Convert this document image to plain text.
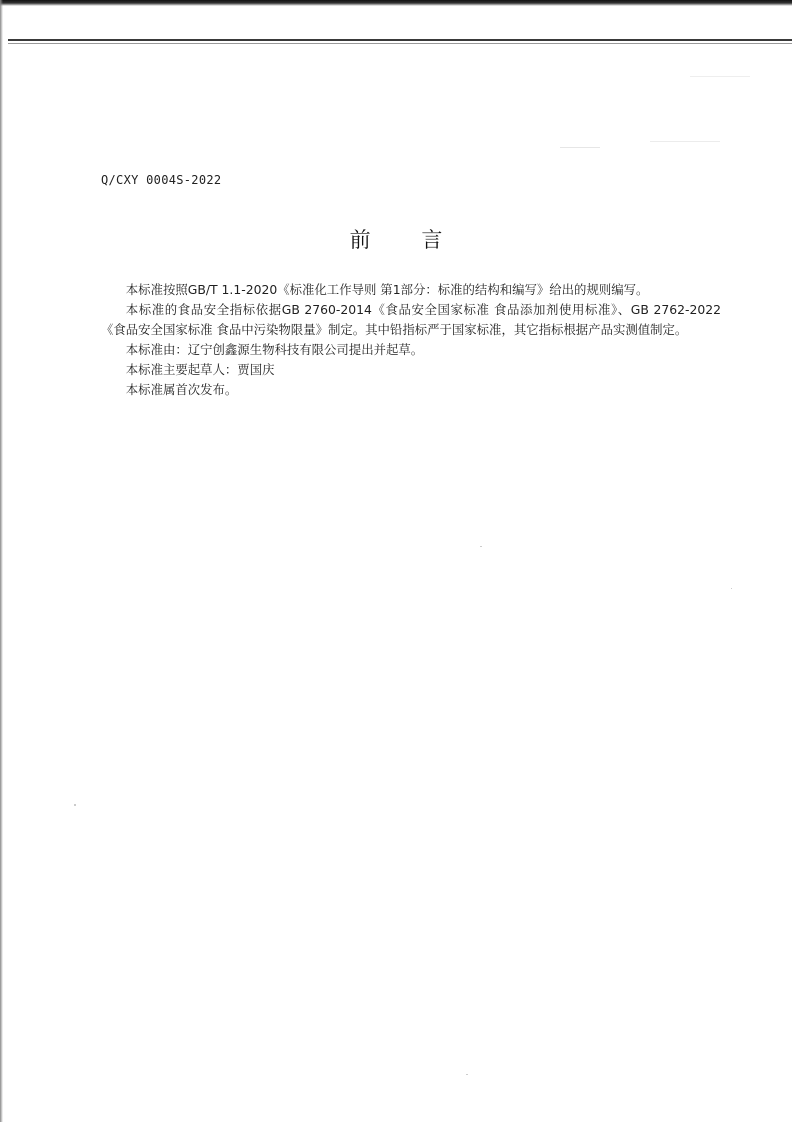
Q/CXY 0004S-2022
前 言

本标准按照GB/T 1.1-2020《标准化工作导则 第1部分：标准的结构和编写》给出的规则编写。

本标准的食品安全指标依据GB 2760-2014《食品安全国家标准 食品添加剂使用标准》、GB 2762-2022《食品安全国家标准 食品中污染物限量》制定。其中铅指标严于国家标准，其它指标根据产品实测值制定。

本标准由：辽宁创鑫源生物科技有限公司提出并起草。

本标准主要起草人：贾国庆

本标准属首次发布。
